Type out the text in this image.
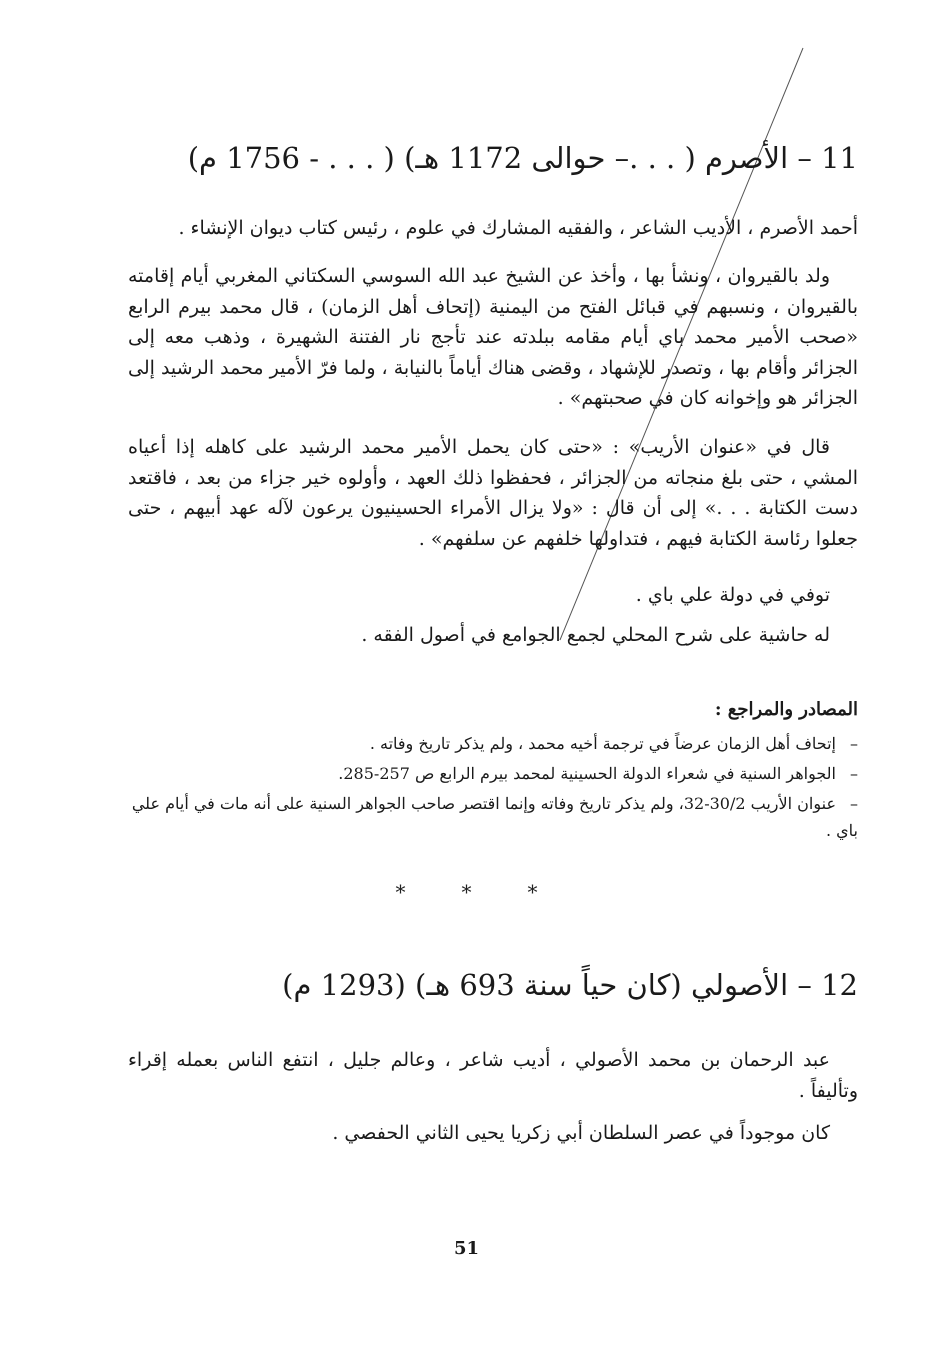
11 – الأصرم ( . . .– حوالى 1172 هـ) ( . . . - 1756 م)
أحمد الأصرم ، الأديب الشاعر ، والفقيه المشارك في علوم ، رئيس كتاب ديوان الإنشاء .
ولد بالقيروان ، ونشأ بها ، وأخذ عن الشيخ عبد الله السوسي السكتاني المغربي أيام إقامته بالقيروان ، ونسبهم في قبائل الفتح من اليمنية (إتحاف أهل الزمان) ، قال محمد بيرم الرابع «صحب الأمير محمد باي أيام مقامه ببلدته عند تأجج نار الفتنة الشهيرة ، وذهب معه إلى الجزائر وأقام بها ، وتصدر للإشهاد ، وقضى هناك أياماً بالنيابة ، ولما فرّ الأمير محمد الرشيد إلى الجزائر هو وإخوانه كان في صحبتهم» .
قال في «عنوان الأريب» : «حتى كان يحمل الأمير محمد الرشيد على كاهله إذا أعياه المشي ، حتى بلغ منجاته من الجزائر ، فحفظوا ذلك العهد ، وأولوه خير جزاء من بعد ، فاقتعد دست الكتابة . . .» إلى أن قال : «ولا يزال الأمراء الحسينيون يرعون لآله عهد أبيهم ، حتى جعلوا رئاسة الكتابة فيهم ، فتداولها خلفهم عن سلفهم» .
توفي في دولة علي باي .
له حاشية على شرح المحلي لجمع الجوامع في أصول الفقه .
المصادر والمراجع :
–إتحاف أهل الزمان عرضاً في ترجمة أخيه محمد ، ولم يذكر تاريخ وفاته .
–الجواهر السنية في شعراء الدولة الحسينية لمحمد بيرم الرابع ص 257-285.
–عنوان الأريب 30/2-32، ولم يذكر تاريخ وفاته وإنما اقتصر صاحب الجواهر السنية على أنه مات في أيام علي باي .
*	*	*
12 – الأصولي (كان حياً سنة 693 هـ) (1293 م)
عبد الرحمان بن محمد الأصولي ، أديب شاعر ، وعالم جليل ، انتفع الناس بعمله إقراء وتأليفاً .
كان موجوداً في عصر السلطان أبي زكريا يحيى الثاني الحفصي .
51
